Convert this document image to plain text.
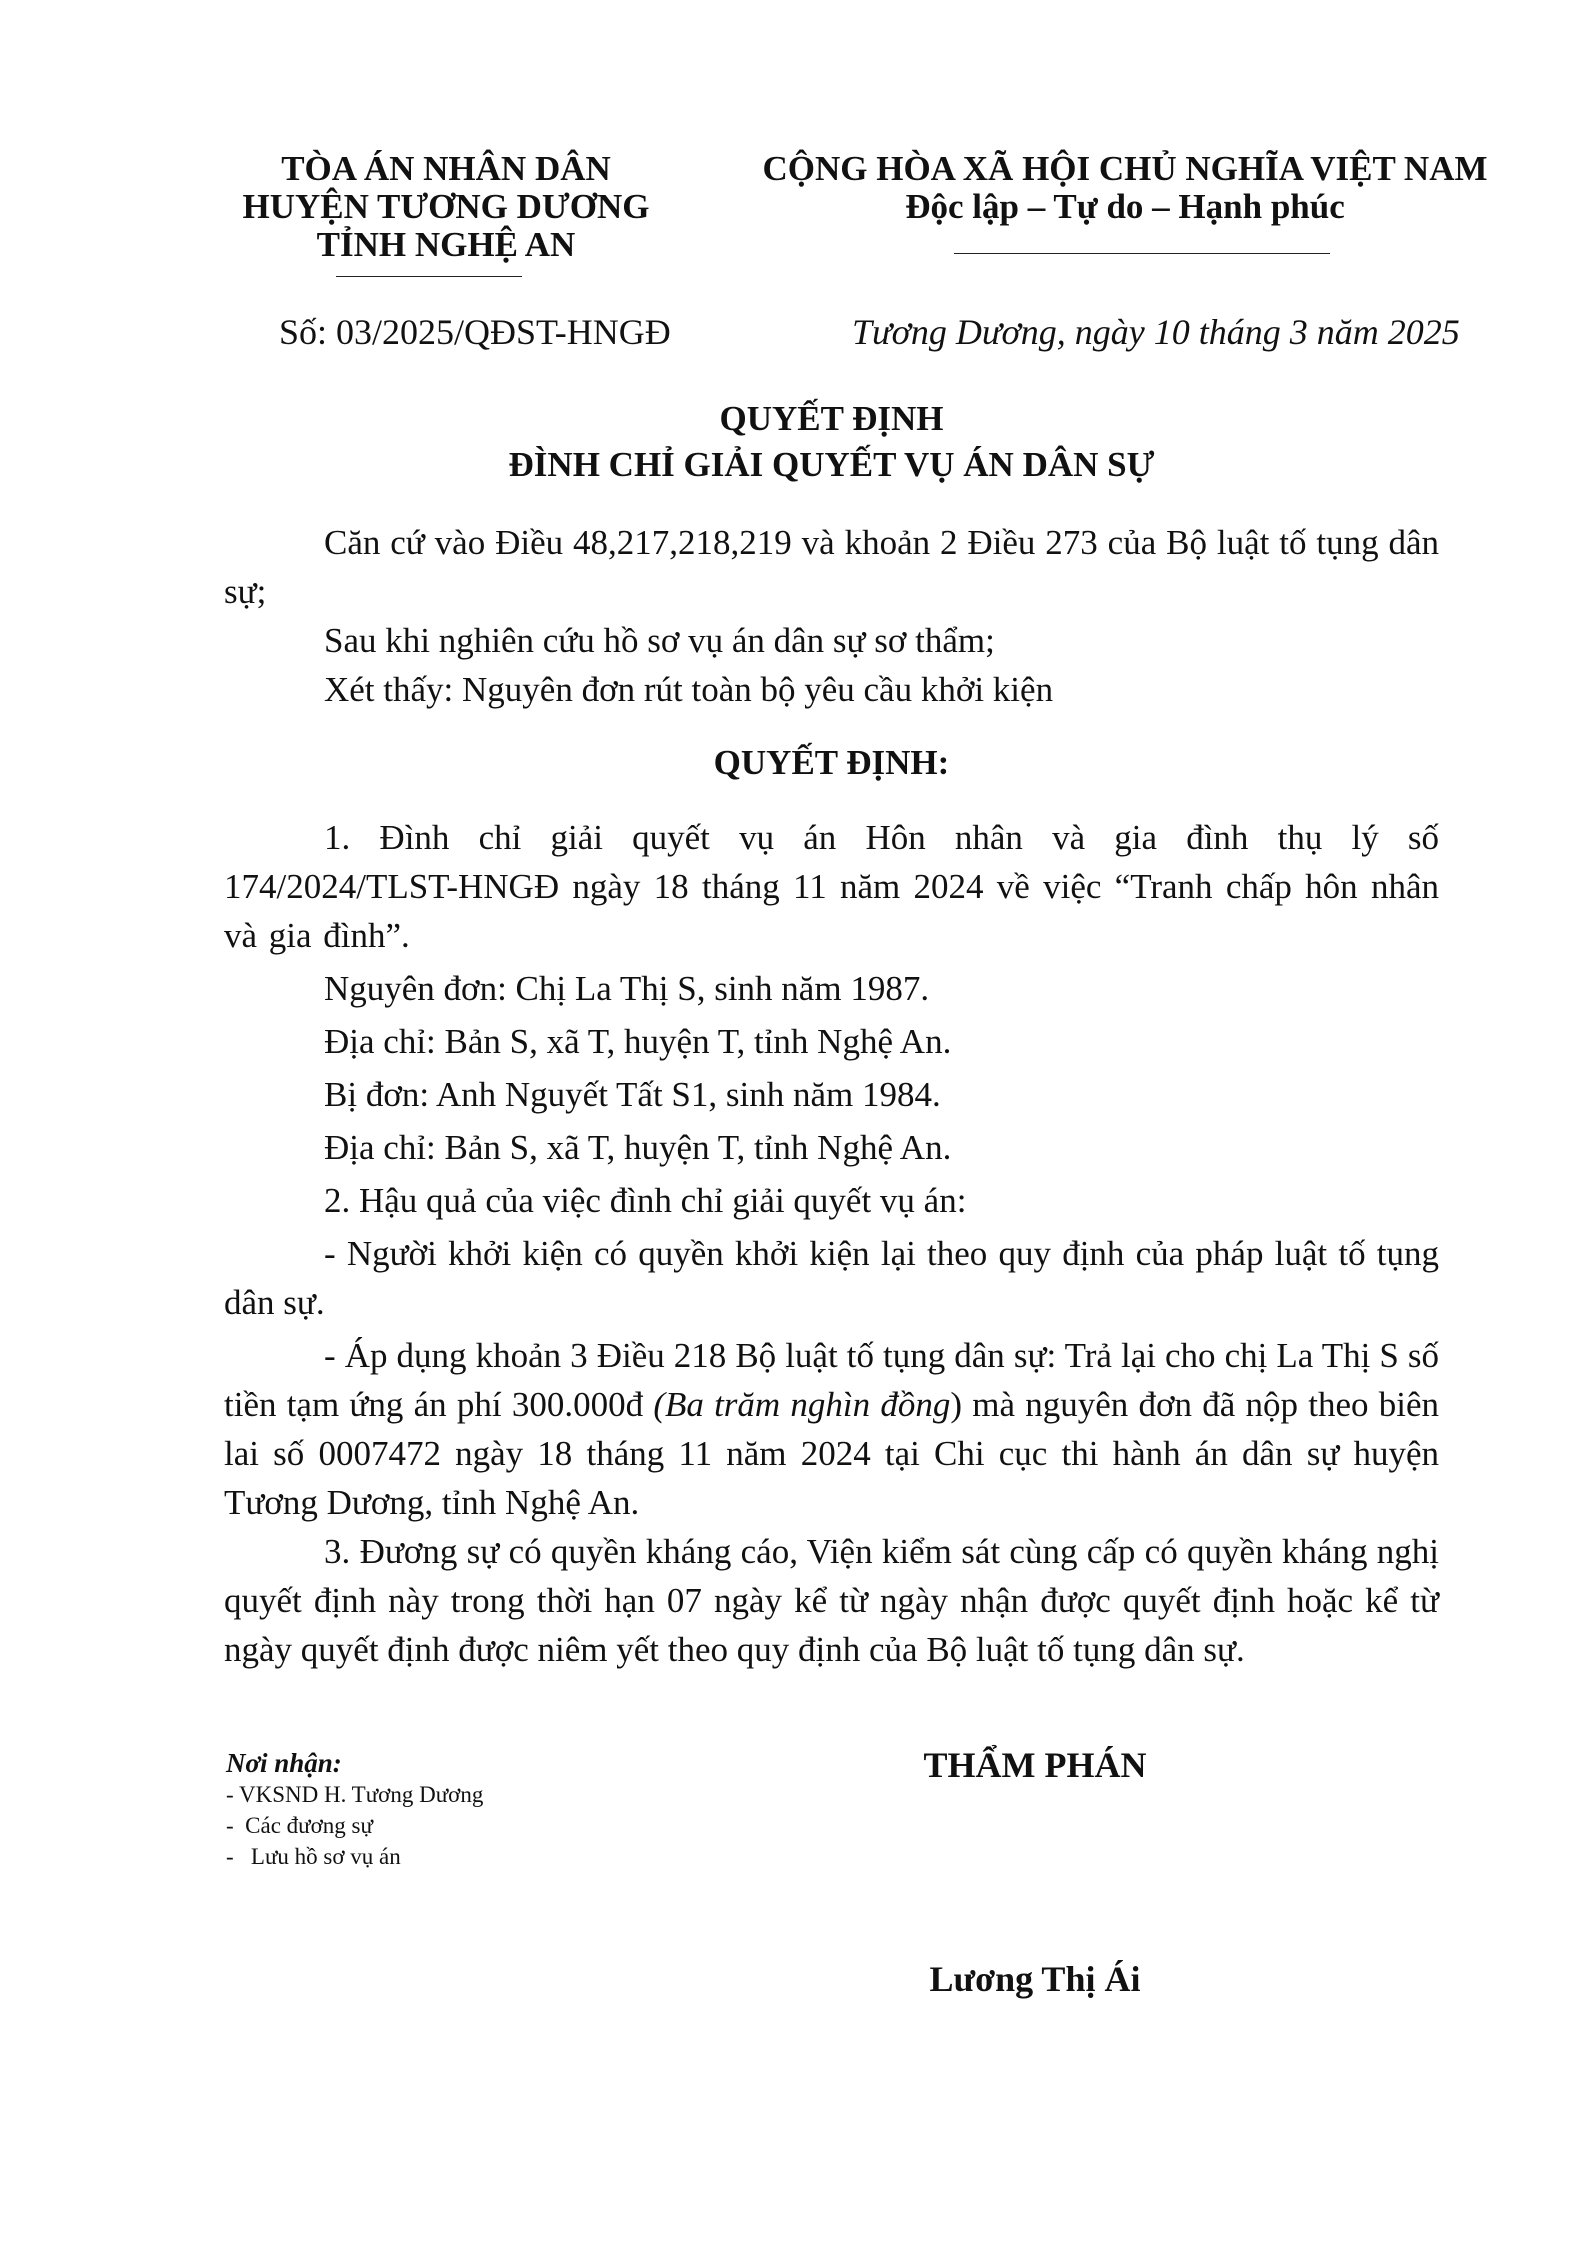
TÒA ÁN NHÂN DÂN
HUYỆN TƯƠNG DƯƠNG
TỈNH NGHỆ AN
CỘNG HÒA XÃ HỘI CHỦ NGHĨA VIỆT NAM
Độc lập – Tự do – Hạnh phúc
Số: 03/2025/QĐST-HNGĐ	Tương Dương, ngày 10 tháng 3 năm 2025
QUYẾT ĐỊNH
ĐÌNH CHỈ GIẢI QUYẾT VỤ ÁN DÂN SỰ

Căn cứ vào Điều 48,217,218,219 và khoản 2 Điều 273 của Bộ luật tố tụng dân sự;

Sau khi nghiên cứu hồ sơ vụ án dân sự sơ thẩm;

Xét thấy: Nguyên đơn rút toàn bộ yêu cầu khởi kiện

QUYẾT ĐỊNH:

1. Đình chỉ giải quyết vụ án Hôn nhân và gia đình thụ lý số 174/2024/TLST-HNGĐ ngày 18 tháng 11 năm 2024 về việc “Tranh chấp hôn nhân và gia đình”.

Nguyên đơn: Chị La Thị S, sinh năm 1987.

Địa chỉ: Bản S, xã T, huyện T, tỉnh Nghệ An.

Bị đơn: Anh Nguyết Tất S1, sinh năm 1984.

Địa chỉ: Bản S, xã T, huyện T, tỉnh Nghệ An.

2. Hậu quả của việc đình chỉ giải quyết vụ án:

- Người khởi kiện có quyền khởi kiện lại theo quy định của pháp luật tố tụng dân sự.

- Áp dụng khoản 3 Điều 218 Bộ luật tố tụng dân sự: Trả lại cho chị La Thị S số tiền tạm ứng án phí 300.000đ (Ba trăm nghìn đồng) mà nguyên đơn đã nộp theo biên lai số 0007472 ngày 18 tháng 11 năm 2024 tại Chi cục thi hành án dân sự huyện Tương Dương, tỉnh Nghệ An.

3. Đương sự có quyền kháng cáo, Viện kiểm sát cùng cấp có quyền kháng nghị quyết định này trong thời hạn 07 ngày kể từ ngày nhận được quyết định hoặc kể từ ngày quyết định được niêm yết theo quy định của Bộ luật tố tụng dân sự.

Nơi nhận:
- VKSND H. Tương Dương
-  Các đương sự
-   Lưu hồ sơ vụ án
THẨM PHÁN
Lương Thị Ái
